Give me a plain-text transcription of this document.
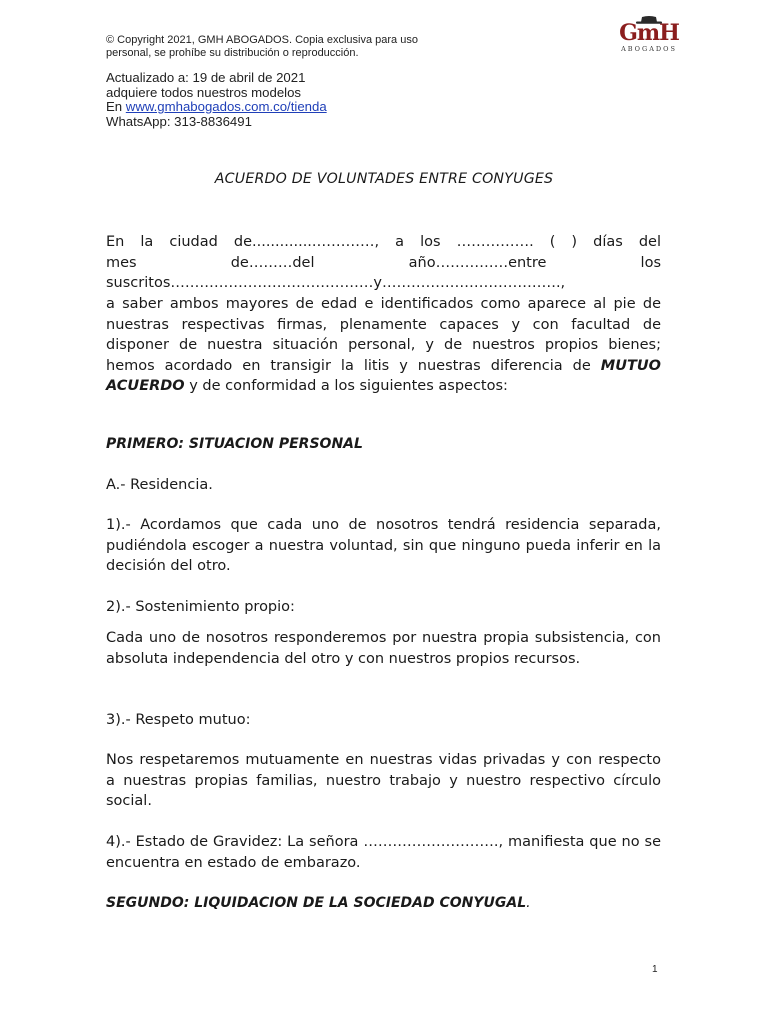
© Copyright 2021, GMH ABOGADOS. Copia exclusiva para uso
personal, se prohíbe su distribución o reproducción.
Actualizado a: 19 de abril de 2021
adquiere todos nuestros modelos
En www.gmhabogados.com.co/tienda
WhatsApp: 313-8836491
GmH
ABOGADOS
ACUERDO DE VOLUNTADES ENTRE CONYUGES

En la ciudad de..............…………, a los ……………. ( ) días del

mes de………del año……………entre los

suscritos……………………………………y……………………………….,

a saber ambos mayores de edad e identificados como aparece al pie de nuestras respectivas firmas, plenamente capaces y con facultad de disponer de nuestra situación personal, y de nuestros propios bienes; hemos acordado en transigir la litis y nuestras diferencia de MUTUO ACUERDO y de conformidad a los siguientes aspectos:

PRIMERO: SITUACION PERSONAL

A.- Residencia.

1).- Acordamos que cada uno de nosotros tendrá residencia separada, pudiéndola escoger a nuestra voluntad, sin que ninguno pueda inferir en la decisión del otro.

2).- Sostenimiento propio:

Cada uno de nosotros responderemos por nuestra propia subsistencia, con absoluta independencia del otro y con nuestros propios recursos.

3).- Respeto mutuo:

Nos respetaremos mutuamente en nuestras vidas privadas y con respecto a nuestras propias familias, nuestro trabajo y nuestro respectivo círculo social.

4).- Estado de Gravidez: La señora ………………………., manifiesta que no se encuentra en estado de embarazo.

SEGUNDO: LIQUIDACION DE LA SOCIEDAD CONYUGAL.
1
